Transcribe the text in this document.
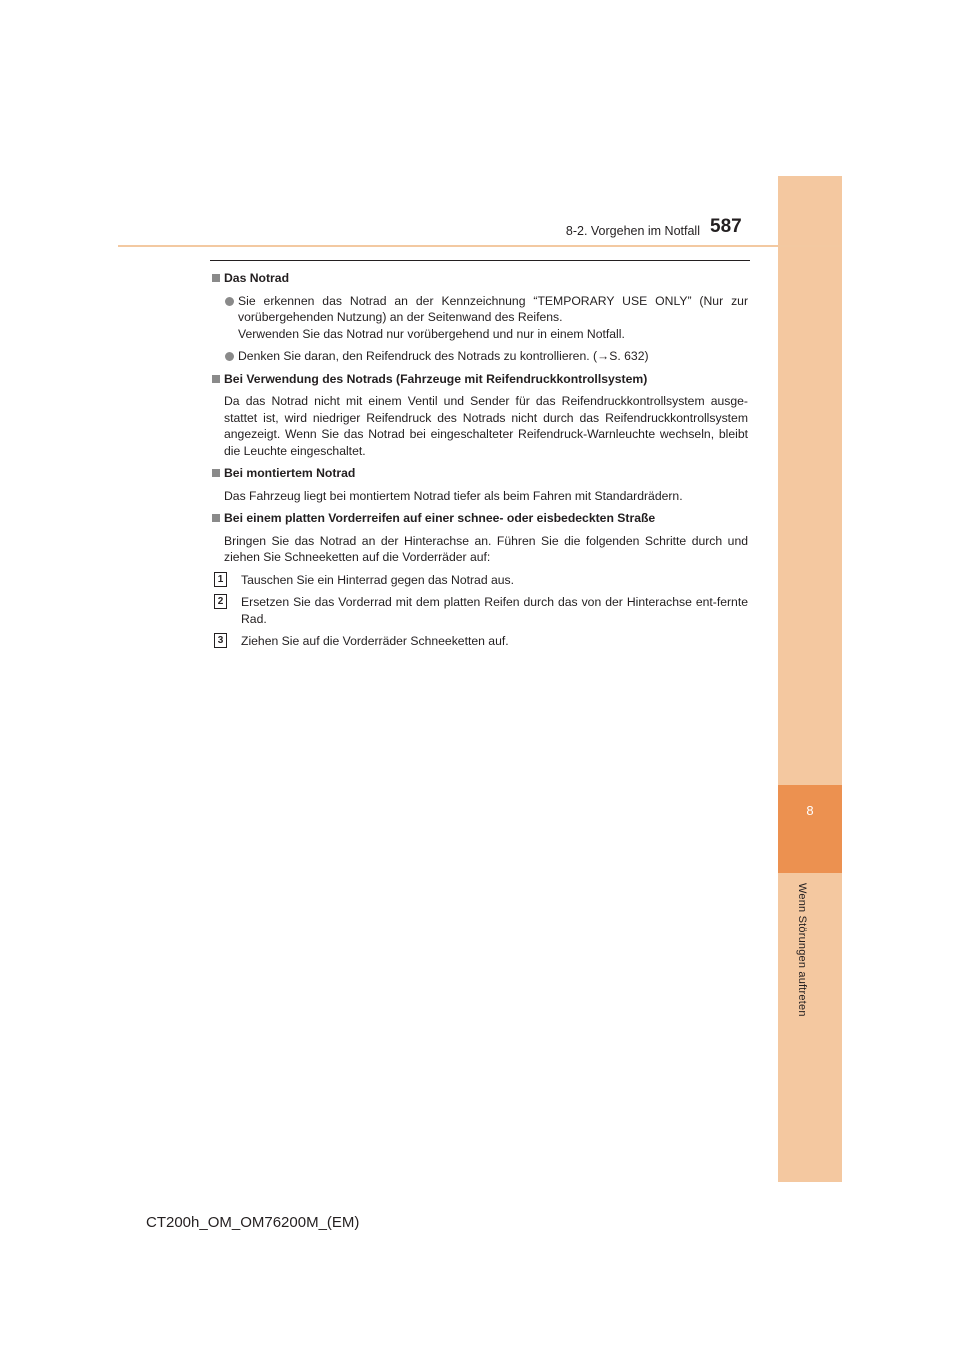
8
Wenn Störungen auftreten
8-2. Vorgehen im Notfall 587
Das Notrad
Sie erkennen das Notrad an der Kennzeichnung “TEMPORARY USE ONLY” (Nur zur vorübergehenden Nutzung) an der Seitenwand des Reifens.
Verwenden Sie das Notrad nur vorübergehend und nur in einem Notfall.
Denken Sie daran, den Reifendruck des Notrads zu kontrollieren. (→S. 632)
Bei Verwendung des Notrads (Fahrzeuge mit Reifendruckkontrollsystem)
Da das Notrad nicht mit einem Ventil und Sender für das Reifendruckkontrollsystem ausge-stattet ist, wird niedriger Reifendruck des Notrads nicht durch das Reifendruckkontrollsystem angezeigt. Wenn Sie das Notrad bei eingeschalteter Reifendruck-Warnleuchte wechseln, bleibt die Leuchte eingeschaltet.
Bei montiertem Notrad
Das Fahrzeug liegt bei montiertem Notrad tiefer als beim Fahren mit Standardrädern.
Bei einem platten Vorderreifen auf einer schnee- oder eisbedeckten Straße
Bringen Sie das Notrad an der Hinterachse an. Führen Sie die folgenden Schritte durch und ziehen Sie Schneeketten auf die Vorderräder auf:
1	Tauschen Sie ein Hinterrad gegen das Notrad aus.
2	Ersetzen Sie das Vorderrad mit dem platten Reifen durch das von der Hinterachse ent-fernte Rad.
3	Ziehen Sie auf die Vorderräder Schneeketten auf.
CT200h_OM_OM76200M_(EM)
